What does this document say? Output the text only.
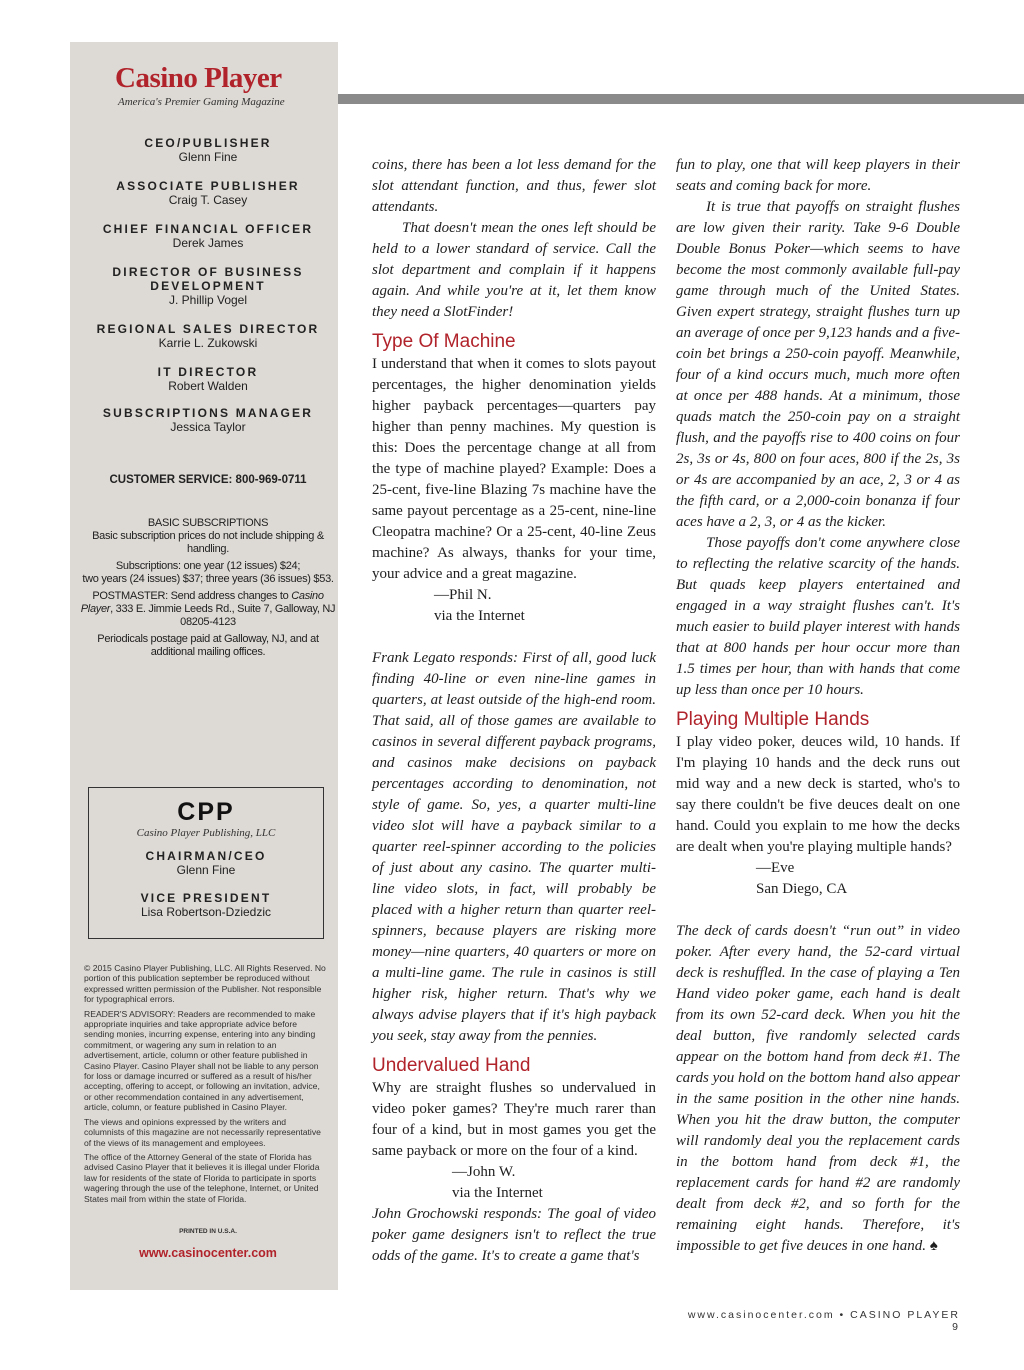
Casino Player
America's Premier Gaming Magazine
CEO/PUBLISHER
Glenn Fine
ASSOCIATE PUBLISHER
Craig T. Casey
CHIEF FINANCIAL OFFICER
Derek James
DIRECTOR OF BUSINESS
DEVELOPMENT
J. Phillip Vogel
REGIONAL SALES DIRECTOR
Karrie L. Zukowski
IT DIRECTOR
Robert Walden
SUBSCRIPTIONS MANAGER
Jessica Taylor
CUSTOMER SERVICE: 800-969-0711

BASIC SUBSCRIPTIONS

Basic subscription prices do not include shipping & handling.

Subscriptions: one year (12 issues) $24;

two years (24 issues) $37; three years (36 issues) $53.

POSTMASTER: Send address changes to Casino Player, 333 E. Jimmie Leeds Rd., Suite 7, Galloway, NJ 08205-4123

Periodicals postage paid at Galloway, NJ, and at additional mailing offices.

CPP
Casino Player Publishing, LLC
CHAIRMAN/CEO
Glenn Fine
VICE PRESIDENT
Lisa Robertson-Dziedzic

© 2015 Casino Player Publishing, LLC. All Rights Reserved. No portion of this publication september be reproduced without expressed written permission of the Publisher. Not responsible for typographical errors.

READER'S ADVISORY: Readers are recommended to make appropriate inquiries and take appropriate advice before sending monies, incurring expense, entering into any binding commitment, or wagering any sum in relation to an advertisement, article, column or other feature published in Casino Player. Casino Player shall not be liable to any person for loss or damage incurred or suffered as a result of his/her accepting, offering to accept, or following an invitation, advice, or other recommendation contained in any advertisement, article, column, or feature published in Casino Player.

The views and opinions expressed by the writers and columnists of this magazine are not necessarily representative of the views of its management and employees.

The office of the Attorney General of the state of Florida has advised Casino Player that it believes it is illegal under Florida law for residents of the state of Florida to participate in sports wagering through the use of the telephone, Internet, or United States mail from within the state of Florida.

PRINTED IN U.S.A.
www.casinocenter.com

coins, there has been a lot less demand for the slot attendant function, and thus, fewer slot attendants.

That doesn't mean the ones left should be held to a lower standard of service. Call the slot department and complain if it happens again. And while you're at it, let them know they need a SlotFinder!

Type Of Machine

I understand that when it comes to slots payout percentages, the higher denomination yields higher payback percentages—quarters pay higher than penny machines. My question is this: Does the percentage change at all from the type of machine played? Example: Does a 25-cent, five-line Blazing 7s machine have the same payout percentage as a 25-cent, nine-line Cleopatra machine? Or a 25-cent, 40-line Zeus machine? As always, thanks for your time, your advice and a great magazine.

—Phil N.

via the Internet

Frank Legato responds: First of all, good luck finding 40-line or even nine-line games in quarters, at least outside of the high-end room. That said, all of those games are available to casinos in several different payback programs, and casinos make decisions on payback percentages according to denomination, not style of game. So, yes, a quarter multi-line video slot will have a payback similar to a quarter reel-spinner according to the policies of just about any casino. The quarter multi-line video slots, in fact, will probably be placed with a higher return than quarter reel-spinners, because players are risking more money—nine quarters, 40 quarters or more on a multi-line game. The rule in casinos is still higher risk, higher return. That's why we always advise players that if it's high payback you seek, stay away from the pennies.

Undervalued Hand

Why are straight flushes so undervalued in video poker games? They're much rarer than four of a kind, but in most games you get the same payback or more on the four of a kind.

—John W.

via the Internet

John Grochowski responds: The goal of video poker game designers isn't to reflect the true odds of the game. It's to create a game that's

fun to play, one that will keep players in their seats and coming back for more.

It is true that payoffs on straight flushes are low given their rarity. Take 9-6 Double Double Bonus Poker—which seems to have become the most commonly available full-pay game through much of the United States. Given expert strategy, straight flushes turn up an average of once per 9,123 hands and a five-coin bet brings a 250-coin payoff. Meanwhile, four of a kind occurs much, much more often at once per 488 hands. At a minimum, those quads match the 250-coin pay on a straight flush, and the payoffs rise to 400 coins on four 2s, 3s or 4s, 800 on four aces, 800 if the 2s, 3s or 4s are accompanied by an ace, 2, 3 or 4 as the fifth card, or a 2,000-coin bonanza if four aces have a 2, 3, or 4 as the kicker.

Those payoffs don't come anywhere close to reflecting the relative scarcity of the hands. But quads keep players entertained and engaged in a way straight flushes can't. It's much easier to build player interest with hands that at 800 hands per hour occur more than 1.5 times per hour, than with hands that come up less than once per 10 hours.

Playing Multiple Hands

I play video poker, deuces wild, 10 hands. If I'm playing 10 hands and the deck runs out mid way and a new deck is started, who's to say there couldn't be five deuces dealt on one hand. Could you explain to me how the decks are dealt when you're playing multiple hands?

—Eve

San Diego, CA

The deck of cards doesn't “run out” in video poker. After every hand, the 52-card virtual deck is reshuffled. In the case of playing a Ten Hand video poker game, each hand is dealt from its own 52-card deck. When you hit the deal button, five randomly selected cards appear on the bottom hand from deck #1. The cards you hold on the bottom hand also appear in the same position in the other nine hands. When you hit the draw button, the computer will randomly deal you the replacement cards in the bottom hand from deck #1, the replacement cards for hand #2 are randomly dealt from deck #2, and so forth for the remaining eight hands. Therefore, it's impossible to get five deuces in one hand. ♠

www.casinocenter.com • CASINO PLAYER 9
